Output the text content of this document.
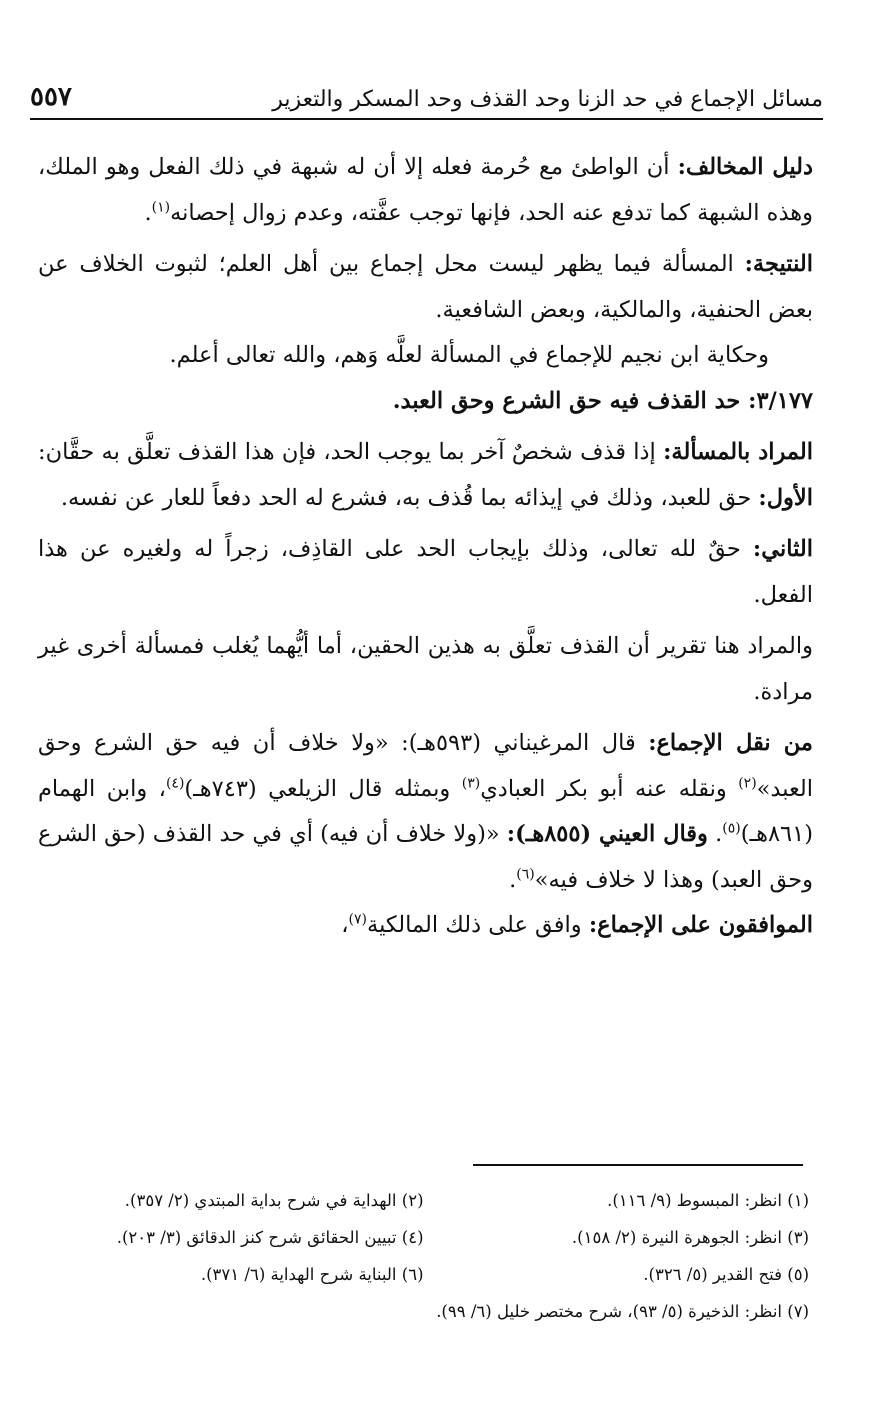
مسائل الإجماع في حد الزنا وحد القذف وحد المسكر والتعزير
٥٥٧

دليل المخالف: أن الواطئ مع حُرمة فعله إلا أن له شبهة في ذلك الفعل وهو الملك، وهذه الشبهة كما تدفع عنه الحد، فإنها توجب عفَّته، وعدم زوال إحصانه$^{(١)}$.

النتيجة: المسألة فيما يظهر ليست محل إجماع بين أهل العلم؛ لثبوت الخلاف عن بعض الحنفية، والمالكية، وبعض الشافعية.

وحكاية ابن نجيم للإجماع في المسألة لعلَّه وَهم، والله تعالى أعلم.

٣/١٧٧: حد القذف فيه حق الشرع وحق العبد.

المراد بالمسألة: إذا قذف شخصٌ آخر بما يوجب الحد، فإن هذا القذف تعلَّق به حقَّان: الأول: حق للعبد، وذلك في إيذائه بما قُذف به، فشرع له الحد دفعاً للعار عن نفسه.

الثاني: حقٌ لله تعالى، وذلك بإيجاب الحد على القاذِف، زجراً له ولغيره عن هذا الفعل.

والمراد هنا تقرير أن القذف تعلَّق به هذين الحقين، أما أيُّهما يُغلب فمسألة أخرى غير مرادة.

من نقل الإجماع: قال المرغيناني (٥٩٣هـ): «ولا خلاف أن فيه حق الشرع وحق العبد»$^{(٢)}$ ونقله عنه أبو بكر العبادي$^{(٣)}$ وبمثله قال الزيلعي (٧٤٣هـ)$^{(٤)}$، وابن الهمام (٨٦١هـ)$^{(٥)}$. وقال العيني (٨٥٥هـ): «(ولا خلاف أن فيه) أي في حد القذف (حق الشرع وحق العبد) وهذا لا خلاف فيه»$^{(٦)}$.

الموافقون على الإجماع: وافق على ذلك المالكية$^{(٧)}$،

(١) انظر: المبسوط (٩/ ١١٦).
(٢) الهداية في شرح بداية المبتدي (٢/ ٣٥٧).
(٣) انظر: الجوهرة النيرة (٢/ ١٥٨).
(٤) تبيين الحقائق شرح كنز الدقائق (٣/ ٢٠٣).
(٥) فتح القدير (٥/ ٣٢٦).
(٦) البناية شرح الهداية (٦/ ٣٧١).
(٧) انظر: الذخيرة (٥/ ٩٣)، شرح مختصر خليل (٦/ ٩٩).
